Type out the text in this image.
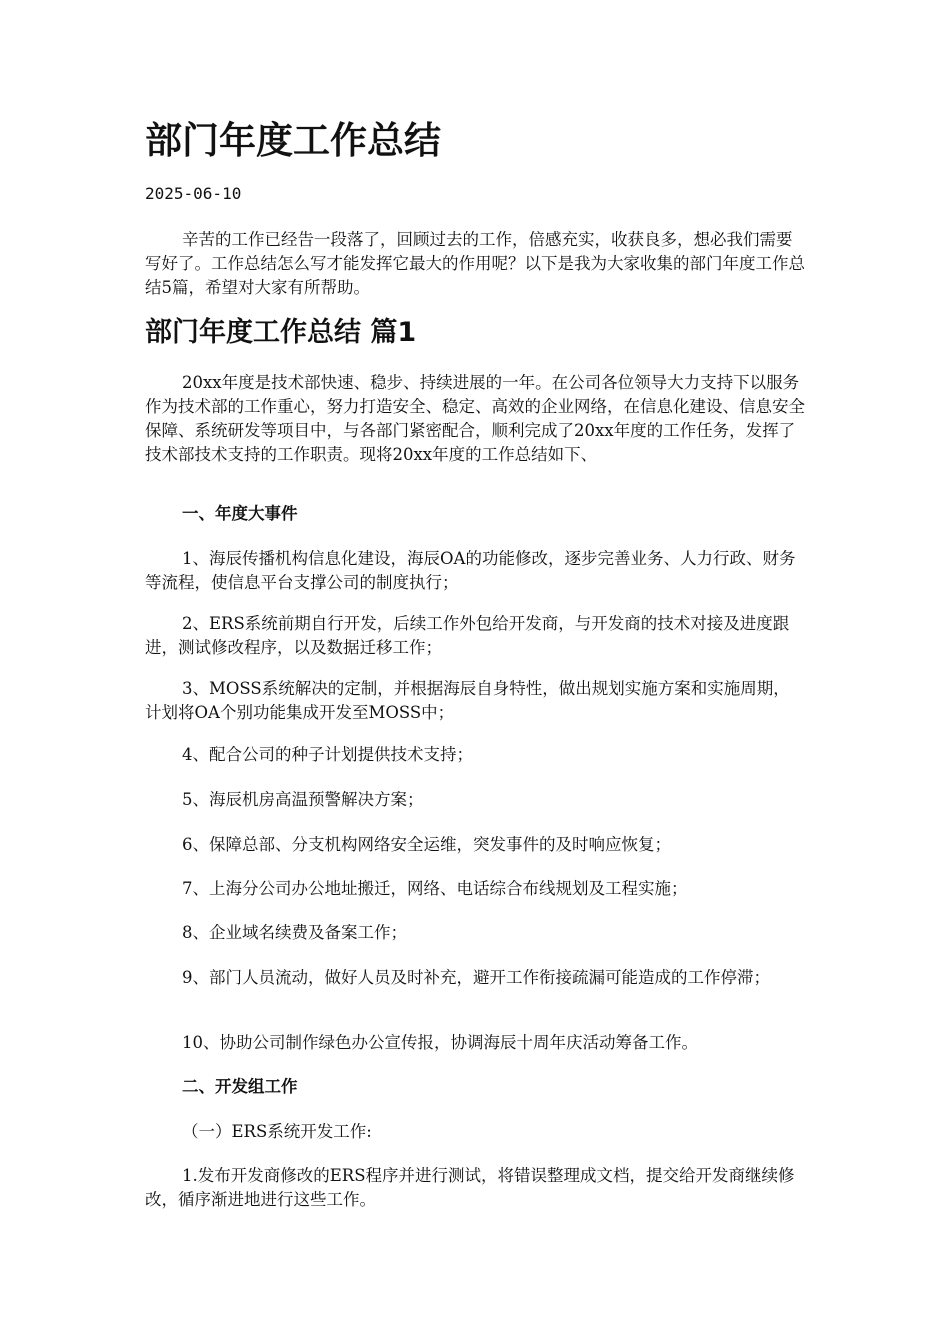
部门年度工作总结
2025-06-10

辛苦的工作已经告一段落了，回顾过去的工作，倍感充实，收获良多，想必我们需要写好了。工作总结怎么写才能发挥它最大的作用呢？以下是我为大家收集的部门年度工作总结5篇，希望对大家有所帮助。

部门年度工作总结 篇1

20xx年度是技术部快速、稳步、持续进展的一年。在公司各位领导大力支持下以服务作为技术部的工作重心，努力打造安全、稳定、高效的企业网络，在信息化建设、信息安全保障、系统研发等项目中，与各部门紧密配合，顺利完成了20xx年度的工作任务，发挥了技术部技术支持的工作职责。现将20xx年度的工作总结如下、

一、年度大事件

1、海辰传播机构信息化建设，海辰OA的功能修改，逐步完善业务、人力行政、财务等流程，使信息平台支撑公司的制度执行；

2、ERS系统前期自行开发，后续工作外包给开发商，与开发商的技术对接及进度跟进，测试修改程序，以及数据迁移工作；

3、MOSS系统解决的定制，并根据海辰自身特性，做出规划实施方案和实施周期，计划将OA个别功能集成开发至MOSS中；

4、配合公司的种子计划提供技术支持；

5、海辰机房高温预警解决方案；

6、保障总部、分支机构网络安全运维，突发事件的及时响应恢复；

7、上海分公司办公地址搬迁，网络、电话综合布线规划及工程实施；

8、企业域名续费及备案工作；

9、部门人员流动，做好人员及时补充，避开工作衔接疏漏可能造成的工作停滞；

10、协助公司制作绿色办公宣传报，协调海辰十周年庆活动筹备工作。

二、开发组工作

（一）ERS系统开发工作:

1.发布开发商修改的ERS程序并进行测试，将错误整理成文档，提交给开发商继续修改，循序渐进地进行这些工作。
